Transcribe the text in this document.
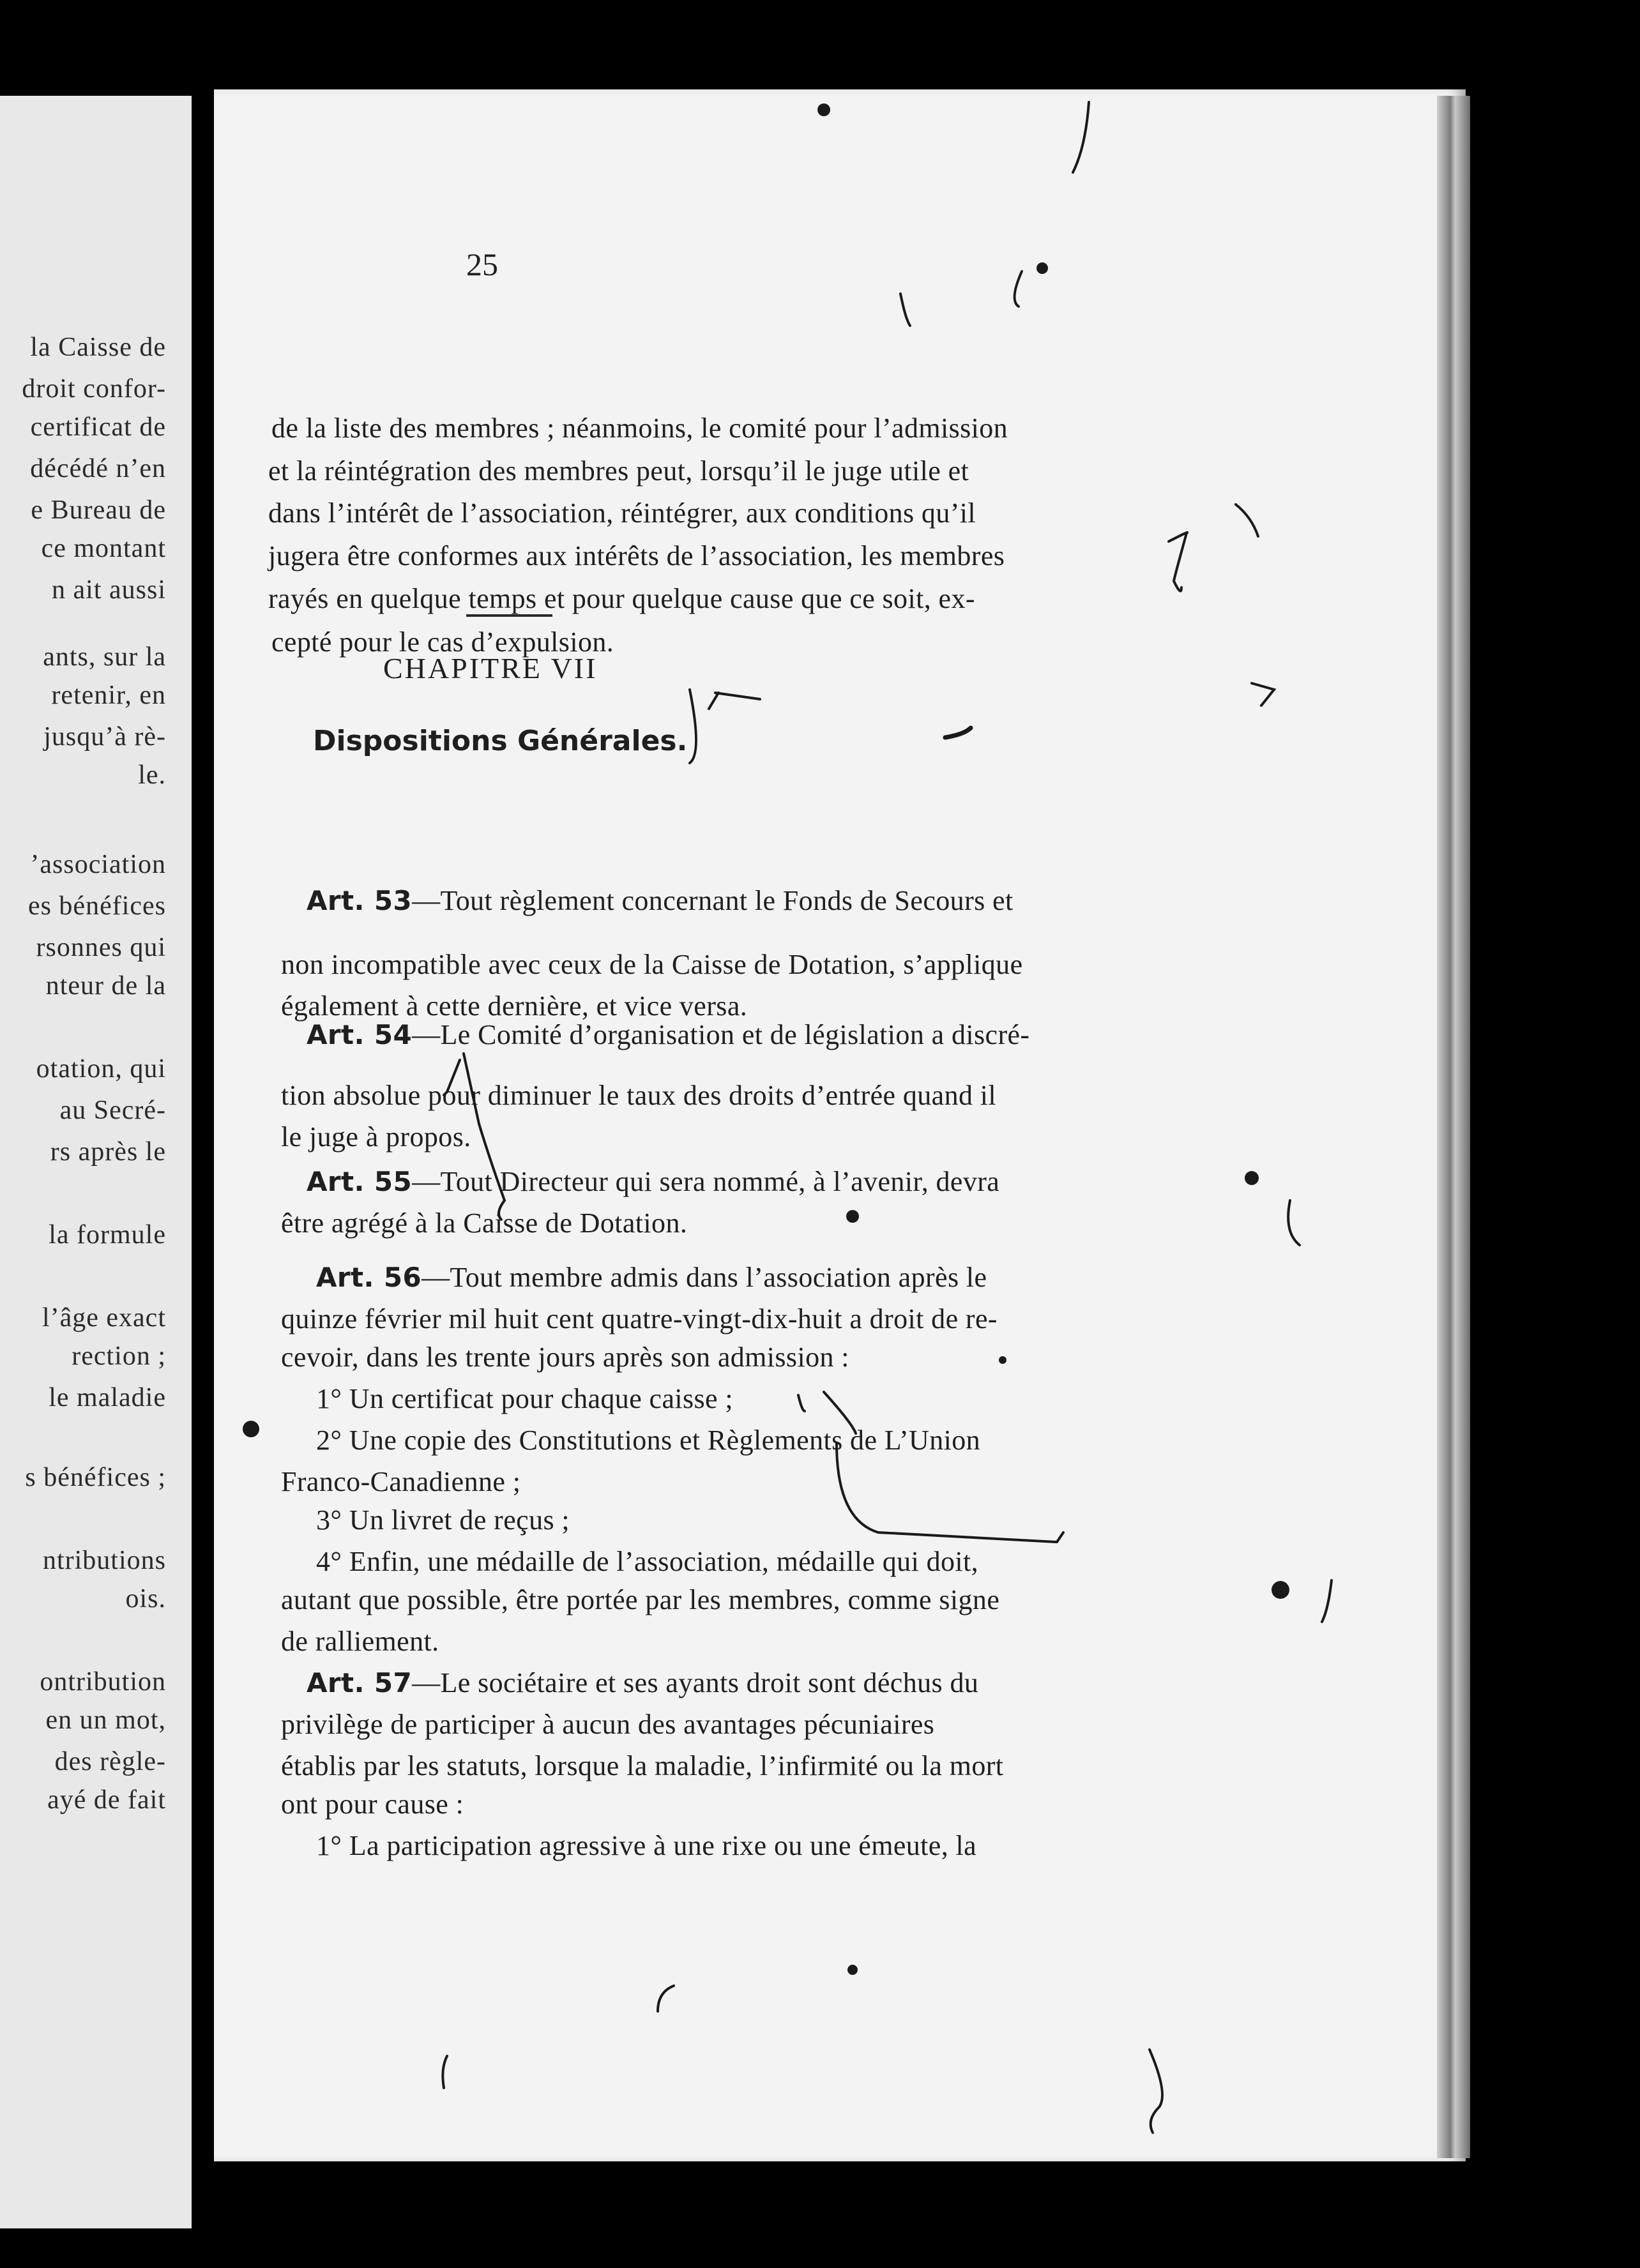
la Caisse de
droit confor-
certificat de
décédé n’en
e Bureau de
ce montant
n ait aussi
ants, sur la
retenir, en
jusqu’à rè-
le.
’association
es bénéfices
rsonnes qui
nteur de la
otation, qui
au Secré-
rs après le
la formule
l’âge exact
rection ;
le maladie
s bénéfices ;
ntributions
ois.
ontribution
en un mot,
des règle-
ayé de fait
25
de la liste des membres ; néanmoins, le comité pour l’admission
et la réintégration des membres peut, lorsqu’il le juge utile et
dans l’intérêt de l’association, réintégrer, aux conditions qu’il
jugera être conformes aux intérêts de l’association, les membres
rayés en quelque temps et pour quelque cause que ce soit, ex-
cepté pour le cas d’expulsion.
CHAPITRE VII
Dispositions Générales.
Art. 53—Tout règlement concernant le Fonds de Secours et
non incompatible avec ceux de la Caisse de Dotation, s’applique
également à cette dernière, et vice versa.
Art. 54—Le Comité d’organisation et de législation a discré-
tion absolue pour diminuer le taux des droits d’entrée quand il
le juge à propos.
Art. 55—Tout Directeur qui sera nommé, à l’avenir, devra
être agrégé à la Caisse de Dotation.
Art. 56—Tout membre admis dans l’association après le
quinze février mil huit cent quatre-vingt-dix-huit a droit de re-
cevoir, dans les trente jours après son admission :
1° Un certificat pour chaque caisse ;
2° Une copie des Constitutions et Règlements de L’Union
Franco-Canadienne ;
3° Un livret de reçus ;
4° Enfin, une médaille de l’association, médaille qui doit,
autant que possible, être portée par les membres, comme signe
de ralliement.
Art. 57—Le sociétaire et ses ayants droit sont déchus du
privilège de participer à aucun des avantages pécuniaires
établis par les statuts, lorsque la maladie, l’infirmité ou la mort
ont pour cause :
1° La participation agressive à une rixe ou une émeute, la
